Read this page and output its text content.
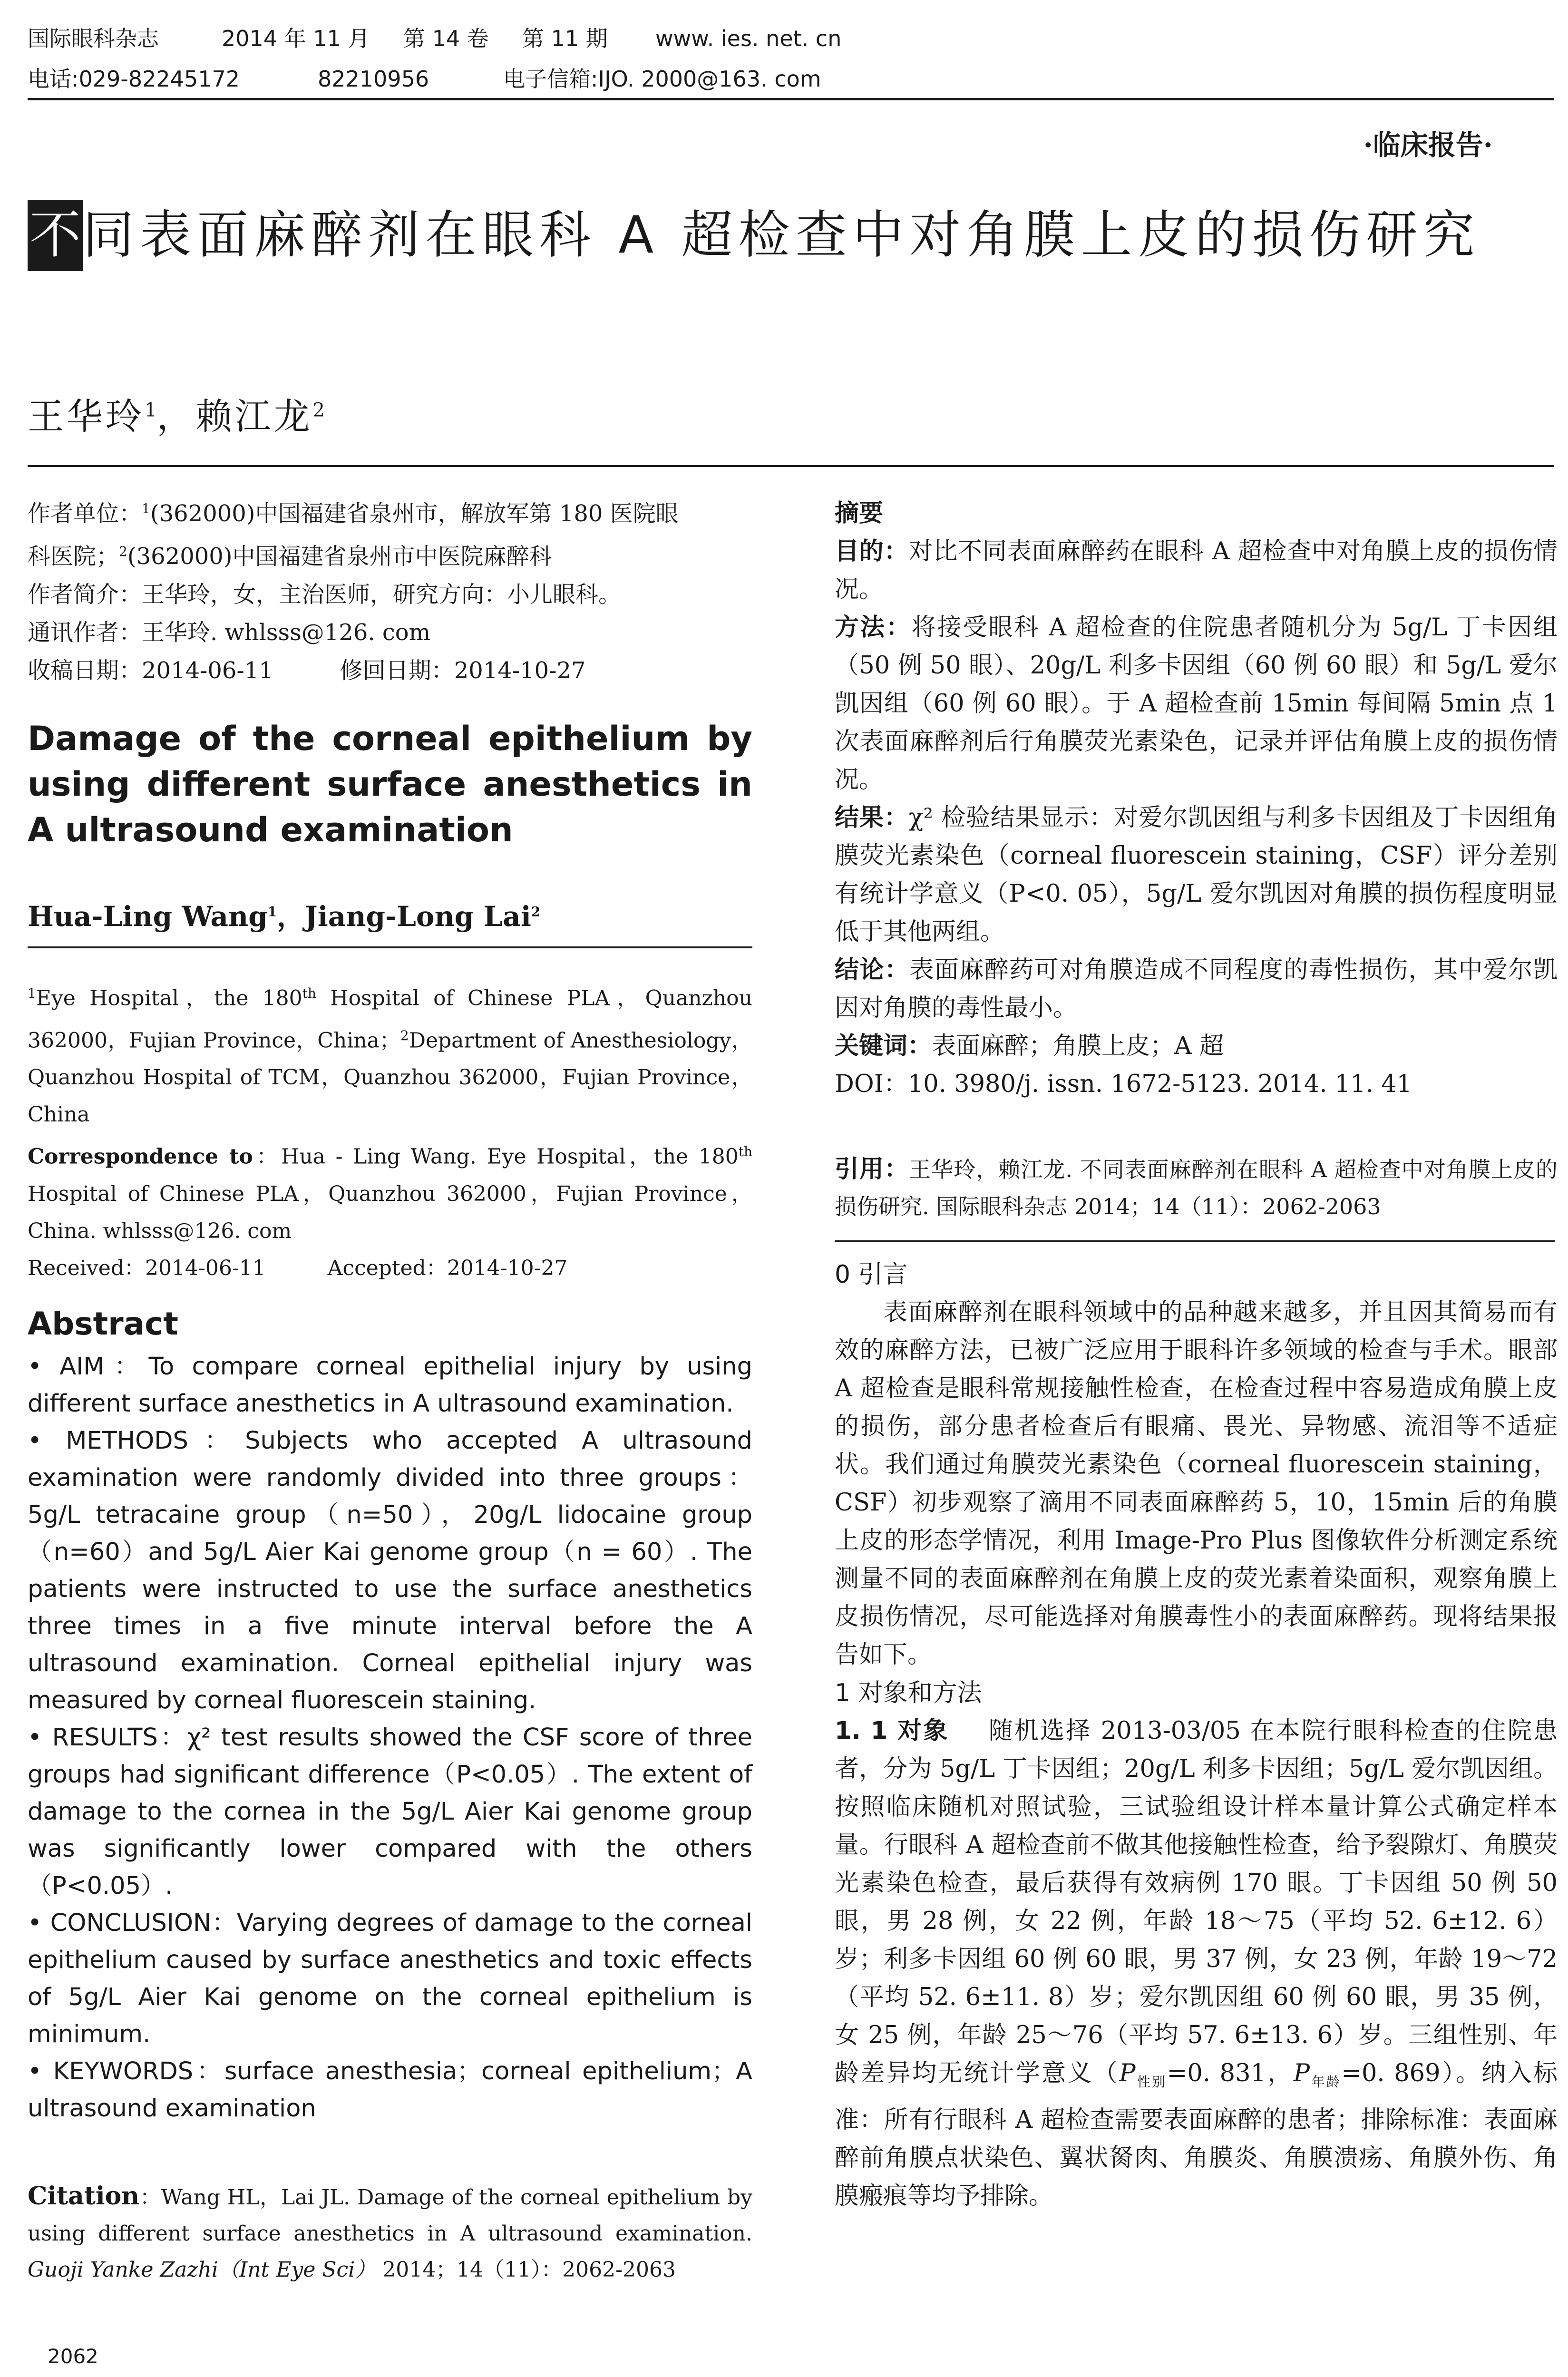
国际眼科杂志	2014 年 11 月 第 14 卷 第 11 期 www. ies. net. cn
电话:029-82245172	82210956	电子信箱:IJO. 2000@163. com
·临床报告·
不同表面麻醉剂在眼科 A 超检查中对角膜上皮的损伤研究
王华玲$^1$，赖江龙$^2$
作者单位：$^1$(362000)中国福建省泉州市，解放军第 180 医院眼
科医院；$^2$(362000)中国福建省泉州市中医院麻醉科
作者简介：王华玲，女，主治医师，研究方向：小儿眼科。
通讯作者：王华玲. whlsss@126. com
收稿日期：2014-06-11	修回日期：2014-10-27
Damage of the corneal epithelium by using different surface anesthetics in A ultrasound examination
Hua-Ling Wang$^1$，Jiang-Long Lai$^2$

$^1$Eye Hospital，the 180th Hospital of Chinese PLA，Quanzhou 362000，Fujian Province，China；$^2$Department of Anesthesiology，Quanzhou Hospital of TCM，Quanzhou 362000，Fujian Province，China

Correspondence to：Hua - Ling Wang. Eye Hospital，the 180th Hospital of Chinese PLA，Quanzhou 362000，Fujian Province，China. whlsss@126. com

Received：2014-06-11	Accepted：2014-10-27

Abstract

• AIM：To compare corneal epithelial injury by using different surface anesthetics in A ultrasound examination.

• METHODS：Subjects who accepted A ultrasound examination were randomly divided into three groups：5g/L tetracaine group（n=50），20g/L lidocaine group（n=60）and 5g/L Aier Kai genome group（n = 60）. The patients were instructed to use the surface anesthetics three times in a five minute interval before the A ultrasound examination. Corneal epithelial injury was measured by corneal fluorescein staining.

• RESULTS：χ² test results showed the CSF score of three groups had significant difference（P<0.05）. The extent of damage to the cornea in the 5g/L Aier Kai genome group was significantly lower compared with the others（P<0.05）.

• CONCLUSION：Varying degrees of damage to the corneal epithelium caused by surface anesthetics and toxic effects of 5g/L Aier Kai genome on the corneal epithelium is minimum.

• KEYWORDS：surface anesthesia；corneal epithelium；A ultrasound examination

Citation：Wang HL，Lai JL. Damage of the corneal epithelium by using different surface anesthetics in A ultrasound examination. Guoji Yanke Zazhi（Int Eye Sci） 2014；14（11）：2062-2063
2062
摘要

目的：对比不同表面麻醉药在眼科 A 超检查中对角膜上皮的损伤情况。

方法：将接受眼科 A 超检查的住院患者随机分为 5g/L 丁卡因组（50 例 50 眼）、20g/L 利多卡因组（60 例 60 眼）和 5g/L 爱尔凯因组（60 例 60 眼）。于 A 超检查前 15min 每间隔 5min 点 1 次表面麻醉剂后行角膜荧光素染色，记录并评估角膜上皮的损伤情况。

结果：χ² 检验结果显示：对爱尔凯因组与利多卡因组及丁卡因组角膜荧光素染色（corneal fluorescein staining，CSF）评分差别有统计学意义（P<0. 05），5g/L 爱尔凯因对角膜的损伤程度明显低于其他两组。

结论：表面麻醉药可对角膜造成不同程度的毒性损伤，其中爱尔凯因对角膜的毒性最小。

关键词：表面麻醉；角膜上皮；A 超

DOI：10. 3980/j. issn. 1672-5123. 2014. 11. 41

引用：王华玲，赖江龙. 不同表面麻醉剂在眼科 A 超检查中对角膜上皮的损伤研究. 国际眼科杂志 2014；14（11）：2062-2063
0 引言

表面麻醉剂在眼科领域中的品种越来越多，并且因其简易而有效的麻醉方法，已被广泛应用于眼科许多领域的检查与手术。眼部 A 超检查是眼科常规接触性检查，在检查过程中容易造成角膜上皮的损伤，部分患者检查后有眼痛、畏光、异物感、流泪等不适症状。我们通过角膜荧光素染色（corneal fluorescein staining，CSF）初步观察了滴用不同表面麻醉药 5，10，15min 后的角膜上皮的形态学情况，利用 Image-Pro Plus 图像软件分析测定系统测量不同的表面麻醉剂在角膜上皮的荧光素着染面积，观察角膜上皮损伤情况，尽可能选择对角膜毒性小的表面麻醉药。现将结果报告如下。

1 对象和方法

1. 1 对象 随机选择 2013-03/05 在本院行眼科检查的住院患者，分为 5g/L 丁卡因组；20g/L 利多卡因组；5g/L 爱尔凯因组。按照临床随机对照试验，三试验组设计样本量计算公式确定样本量。行眼科 A 超检查前不做其他接触性检查，给予裂隙灯、角膜荧光素染色检查，最后获得有效病例 170 眼。丁卡因组 50 例 50 眼，男 28 例，女 22 例，年龄 18～75（平均 52. 6±12. 6）岁；利多卡因组 60 例 60 眼，男 37 例，女 23 例，年龄 19～72（平均 52. 6±11. 8）岁；爱尔凯因组 60 例 60 眼，男 35 例，女 25 例，年龄 25～76（平均 57. 6±13. 6）岁。三组性别、年龄差异均无统计学意义（$P_{性别}=0$. 831，$P_{年龄}=0$. 869）。纳入标准：所有行眼科 A 超检查需要表面麻醉的患者；排除标准：表面麻醉前角膜点状染色、翼状胬肉、角膜炎、角膜溃疡、角膜外伤、角膜瘢痕等均予排除。
